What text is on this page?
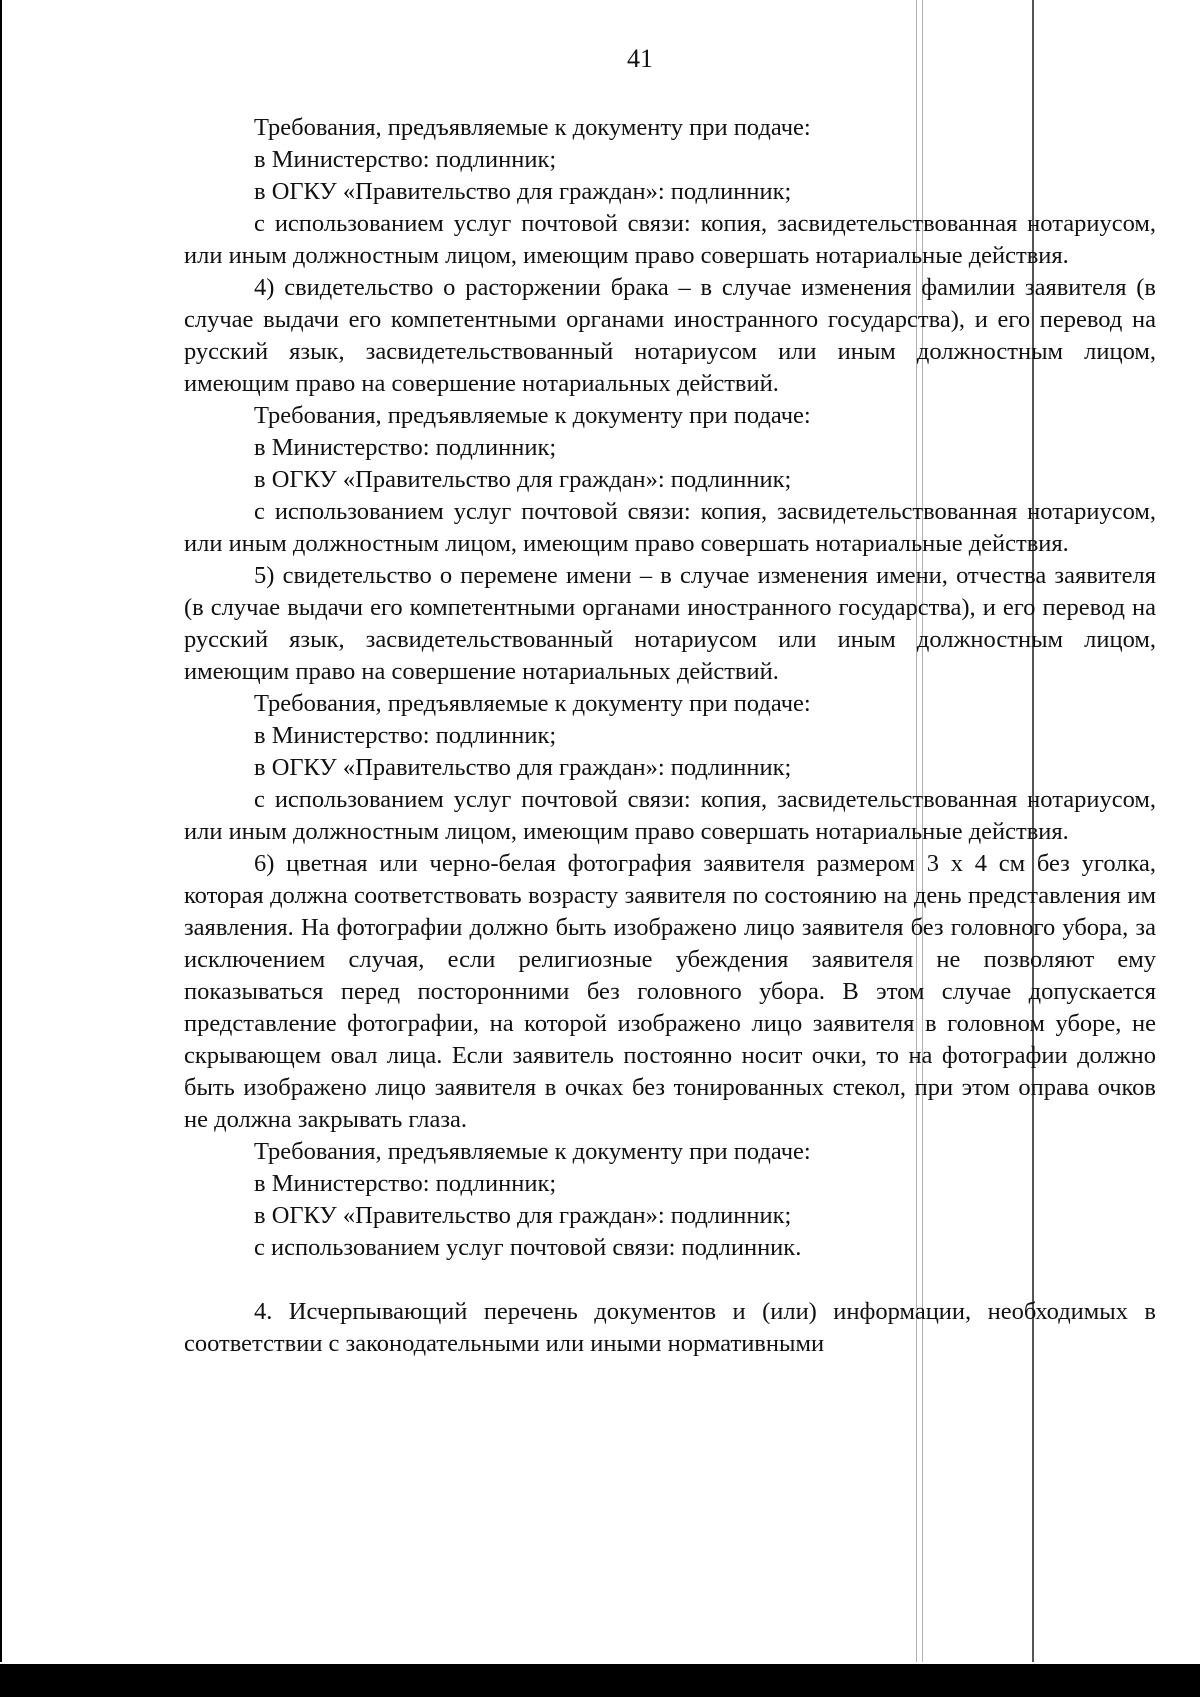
41

Требования, предъявляемые к документу при подаче:

в Министерство: подлинник;

в ОГКУ «Правительство для граждан»: подлинник;

с использованием услуг почтовой связи: копия, засвидетельствованная нотариусом, или иным должностным лицом, имеющим право совершать нотариальные действия.

4) свидетельство о расторжении брака – в случае изменения фамилии заявителя (в случае выдачи его компетентными органами иностранного государства), и его перевод на русский язык, засвидетельствованный нотариусом или иным должностным лицом, имеющим право на совершение нотариальных действий.

Требования, предъявляемые к документу при подаче:

в Министерство: подлинник;

в ОГКУ «Правительство для граждан»: подлинник;

с использованием услуг почтовой связи: копия, засвидетельствованная нотариусом, или иным должностным лицом, имеющим право совершать нотариальные действия.

5) свидетельство о перемене имени – в случае изменения имени, отчества заявителя (в случае выдачи его компетентными органами иностранного государства), и его перевод на русский язык, засвидетельствованный нотариусом или иным должностным лицом, имеющим право на совершение нотариальных действий.

Требования, предъявляемые к документу при подаче:

в Министерство: подлинник;

в ОГКУ «Правительство для граждан»: подлинник;

с использованием услуг почтовой связи: копия, засвидетельствованная нотариусом, или иным должностным лицом, имеющим право совершать нотариальные действия.

6) цветная или черно-белая фотография заявителя размером 3 х 4 см без уголка, которая должна соответствовать возрасту заявителя по состоянию на день представления им заявления. На фотографии должно быть изображено лицо заявителя без головного убора, за исключением случая, если религиозные убеждения заявителя не позволяют ему показываться перед посторонними без головного убора. В этом случае допускается представление фотографии, на которой изображено лицо заявителя в головном уборе, не скрывающем овал лица. Если заявитель постоянно носит очки, то на фотографии должно быть изображено лицо заявителя в очках без тонированных стекол, при этом оправа очков не должна закрывать глаза.

Требования, предъявляемые к документу при подаче:

в Министерство: подлинник;

в ОГКУ «Правительство для граждан»: подлинник;

с использованием услуг почтовой связи: подлинник.

4. Исчерпывающий перечень документов и (или) информации, необходимых в соответствии с законодательными или иными нормативными
